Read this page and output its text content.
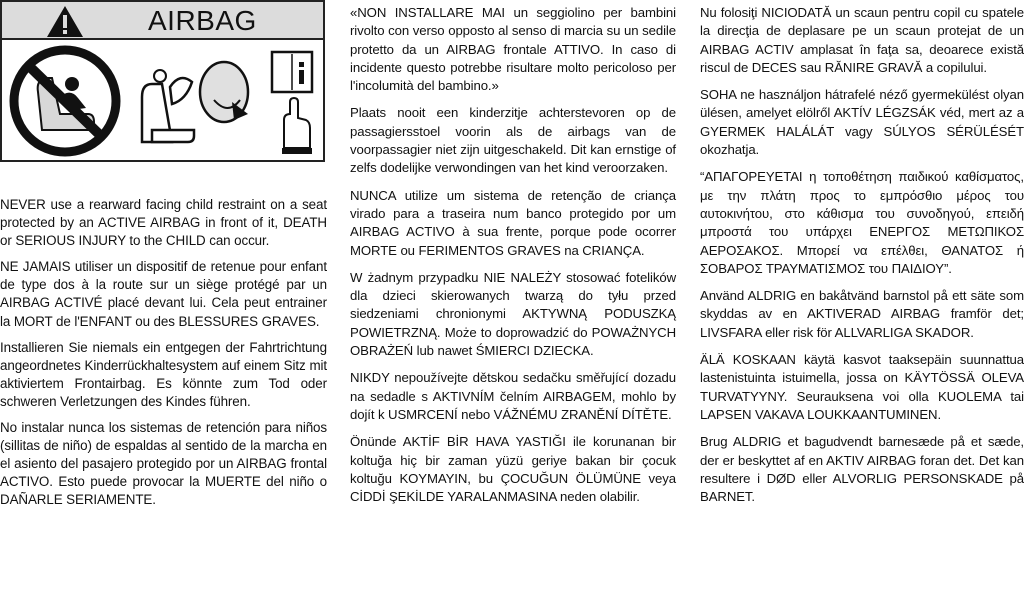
AIRBAG

NEVER use a rearward facing child restraint on a seat protected by an ACTIVE AIRBAG in front of it, DEATH or SERIOUS INJURY to the CHILD can occur.

NE JAMAIS utiliser un dispositif de retenue pour enfant de type dos à la route sur un siège protégé par un AIRBAG ACTIVÉ placé devant lui. Cela peut entrainer la MORT de l'ENFANT ou des BLESSURES GRAVES.

Installieren Sie niemals ein entgegen der Fahrtrichtung angeordnetes Kinderrückhaltesystem auf einem Sitz mit aktiviertem Frontairbag. Es könnte zum Tod oder schweren Verletzungen des Kindes führen.

No instalar nunca los sistemas de retención para niños (sillitas de niño) de espaldas al sentido de la marcha en el asiento del pasajero protegido por un AIRBAG frontal ACTIVO. Esto puede provocar la MUERTE del niño o DAÑARLE SERIAMENTE.

«NON INSTALLARE MAI un seggiolino per bambini rivolto con verso opposto al senso di marcia su un sedile protetto da un AIRBAG frontale ATTIVO. In caso di incidente questo potrebbe risultare molto pericoloso per l'incolumità del bambino.»

Plaats nooit een kinderzitje achterstevoren op de passagiersstoel voorin als de airbags van de voorpassagier niet zijn uitgeschakeld. Dit kan ernstige of zelfs dodelijke verwondingen van het kind veroorzaken.

NUNCA utilize um sistema de retenção de criança virado para a traseira num banco protegido por um AIRBAG ACTIVO à sua frente, porque pode ocorrer MORTE ou FERIMENTOS GRAVES na CRIANÇA.

W żadnym przypadku NIE NALEŻY stosować fotelików dla dzieci skierowanych twarzą do tyłu przed siedzeniami chronionymi AKTYWNĄ PODUSZKĄ POWIETRZNĄ. Może to doprowadzić do POWAŻNYCH OBRAŻEŃ lub nawet ŚMIERCI DZIECKA.

NIKDY nepoužívejte dětskou sedačku směřující dozadu na sedadle s AKTIVNÍM čelním AIRBAGEM, mohlo by dojít k USMRCENÍ nebo VÁŽNÉMU ZRANĚNÍ DÍTĚTE.

Önünde AKTİF BİR HAVA YASTIĞI ile korunanan bir koltuğa hiç bir zaman yüzü geriye bakan bir çocuk koltuğu KOYMAYIN, bu ÇOCUĞUN ÖLÜMÜNE veya CİDDİ ŞEKİLDE YARALANMASINA neden olabilir.

Nu folosiţi NICIODATĂ un scaun pentru copil cu spatele la direcţia de deplasare pe un scaun protejat de un AIRBAG ACTIV amplasat în faţa sa, deoarece există riscul de DECES sau RĂNIRE GRAVĂ a copilului.

SOHA ne használjon hátrafelé néző gyermekülést olyan ülésen, amelyet elölről AKTÍV LÉGZSÁK véd, mert az a GYERMEK HALÁLÁT vagy SÚLYOS SÉRÜLÉSÉT okozhatja.

“ΑΠΑΓΟΡΕΥΕΤΑΙ η τοποθέτηση παιδικού καθίσματος, με την πλάτη προς το εμπρόσθιο μέρος του αυτοκινήτου, στο κάθισμα του συνοδηγού, επειδή μπροστά του υπάρχει ΕΝΕΡΓΟΣ ΜΕΤΩΠΙΚΟΣ ΑΕΡΟΣΑΚΟΣ. Μπορεί να επέλθει, ΘΑΝΑΤΟΣ ή ΣΟΒΑΡΟΣ ΤΡΑΥΜΑΤΙΣΜΟΣ του ΠΑΙΔΙΟΥ”.

Använd ALDRIG en bakåtvänd barnstol på ett säte som skyddas av en AKTIVERAD AIRBAG framför det; LIVSFARA eller risk för ALLVARLIGA SKADOR.

ÄLÄ KOSKAAN käytä kasvot taaksepäin suunnattua lastenistuinta istuimella, jossa on KÄYTÖSSÄ OLEVA TURVATYYNY. Seurauksena voi olla KUOLEMA tai LAPSEN VAKAVA LOUKKAANTUMINEN.

Brug ALDRIG et bagudvendt barnesæde på et sæde, der er beskyttet af en AKTIV AIRBAG foran det. Det kan resultere i DØD eller ALVORLIG PERSONSKADE på BARNET.
